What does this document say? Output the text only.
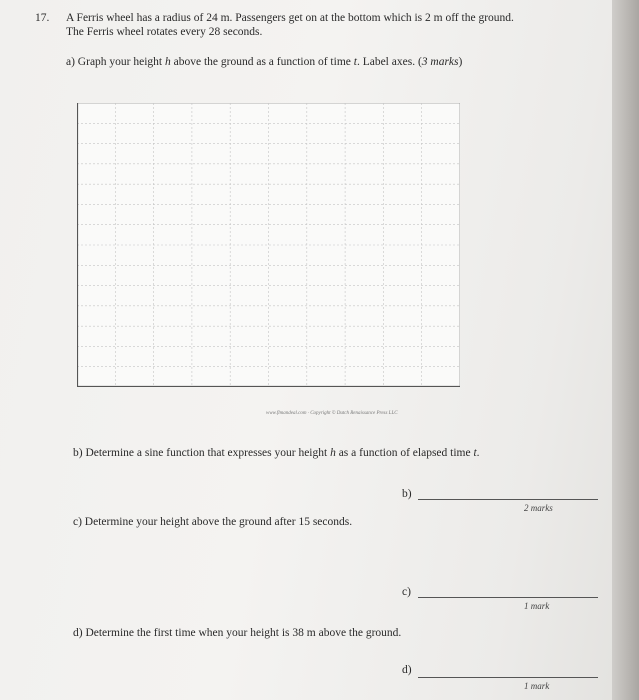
17. A Ferris wheel has a radius of 24 m. Passengers get on at the bottom which is 2 m off the ground.
The Ferris wheel rotates every 28 seconds.
a) Graph your height h above the ground as a function of time t. Label axes. (3 marks)
www.flmandeal.com · Copyright © Dutch Renaissance Press LLC
b) Determine a sine function that expresses your height h as a function of elapsed time t.
b)
2 marks
c) Determine your height above the ground after 15 seconds.
c)
1 mark
d) Determine the first time when your height is 38 m above the ground.
d)
1 mark
